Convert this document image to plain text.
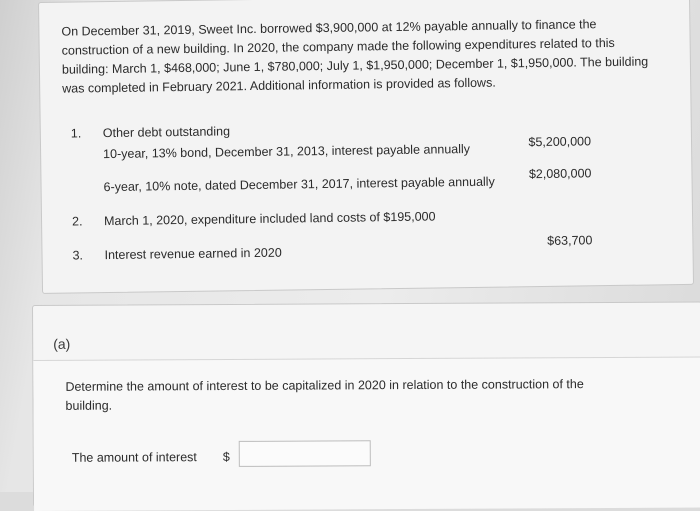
On December 31, 2019, Sweet Inc. borrowed $3,900,000 at 12% payable annually to finance the construction of a new building. In 2020, the company made the following expenditures related to this building: March 1, $468,000; June 1, $780,000; July 1, $1,950,000; December 1, $1,950,000. The building was completed in February 2021. Additional information is provided as follows.

1. Other debt outstanding
10-year, 13% bond, December 31, 2013, interest payable annually
$5,200,000
6-year, 10% note, dated December 31, 2017, interest payable annually
$2,080,000
2. March 1, 2020, expenditure included land costs of $195,000
3. Interest revenue earned in 2020
$63,700
(a)

Determine the amount of interest to be capitalized in 2020 in relation to the construction of the building.

The amount of interest $
